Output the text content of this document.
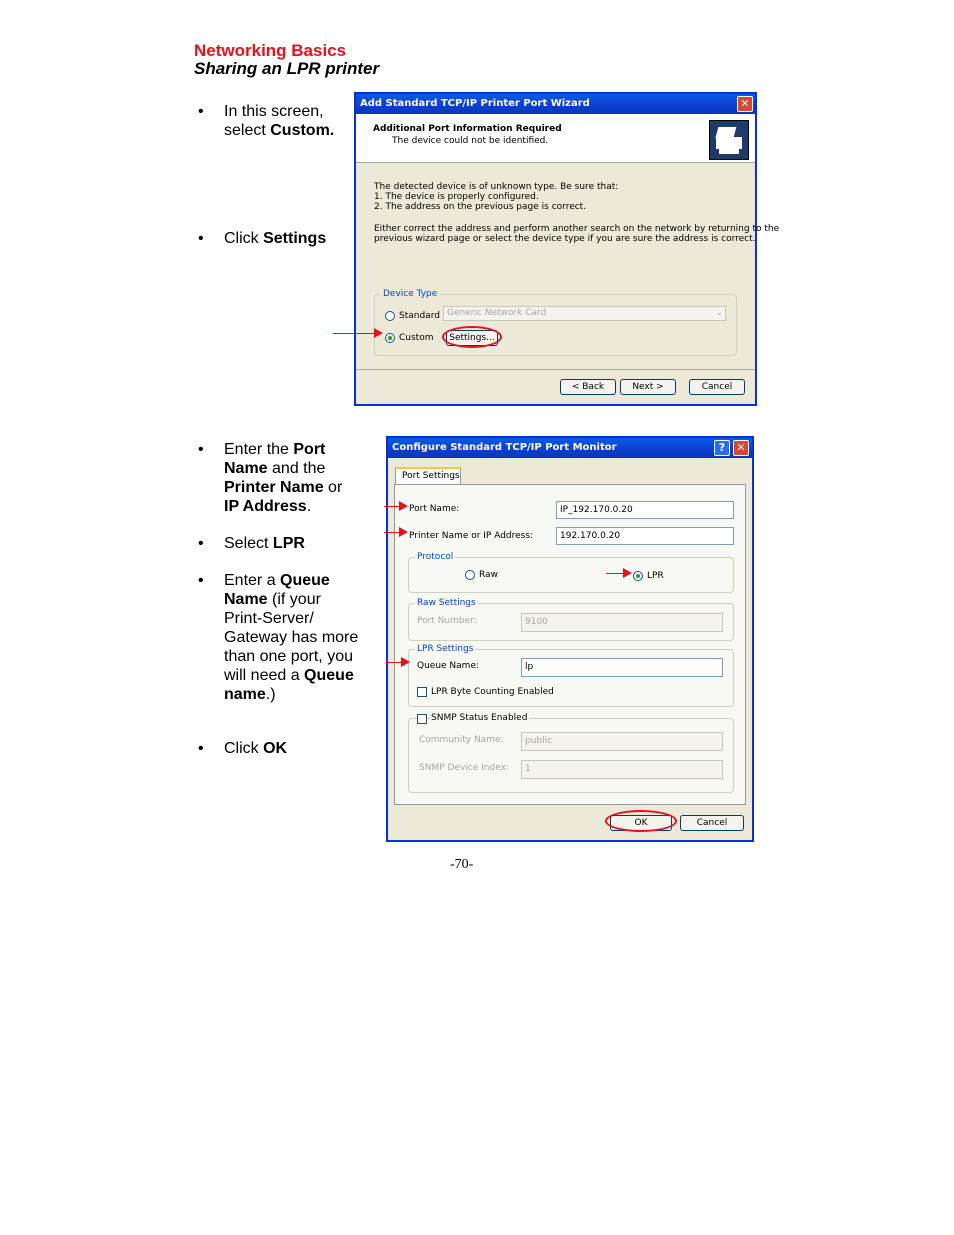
Networking Basics
Sharing an LPR printer
• In this screen, select Custom.
• Click Settings
• Enter the Port Name and the Printer Name or IP Address.
• Select LPR
• Enter a Queue Name (if your Print-Server/ Gateway has more than one port, you will need a Queue name.)
• Click OK
Add Standard TCP/IP Printer Port Wizard	✕
Additional Port Information Required
The device could not be identified.
The detected device is of unknown type. Be sure that:
1. The device is properly configured.
2. The address on the previous page is correct.
Either correct the address and perform another search on the network by returning to the
previous wizard page or select the device type if you are sure the address is correct.
Device Type
Standard Generic Network Card	⌄
Custom	Settings...
< Back	Next >	Cancel
Configure Standard TCP/IP Port Monitor	?	✕
Port Settings
Port Name:	IP_192.170.0.20
Printer Name or IP Address:	192.170.0.20
Protocol
Raw	LPR
Raw Settings
Port Number:	9100
LPR Settings
Queue Name:	lp
LPR Byte Counting Enabled
SNMP Status Enabled
Community Name:	public
SNMP Device Index:	1
OK	Cancel
-70-
